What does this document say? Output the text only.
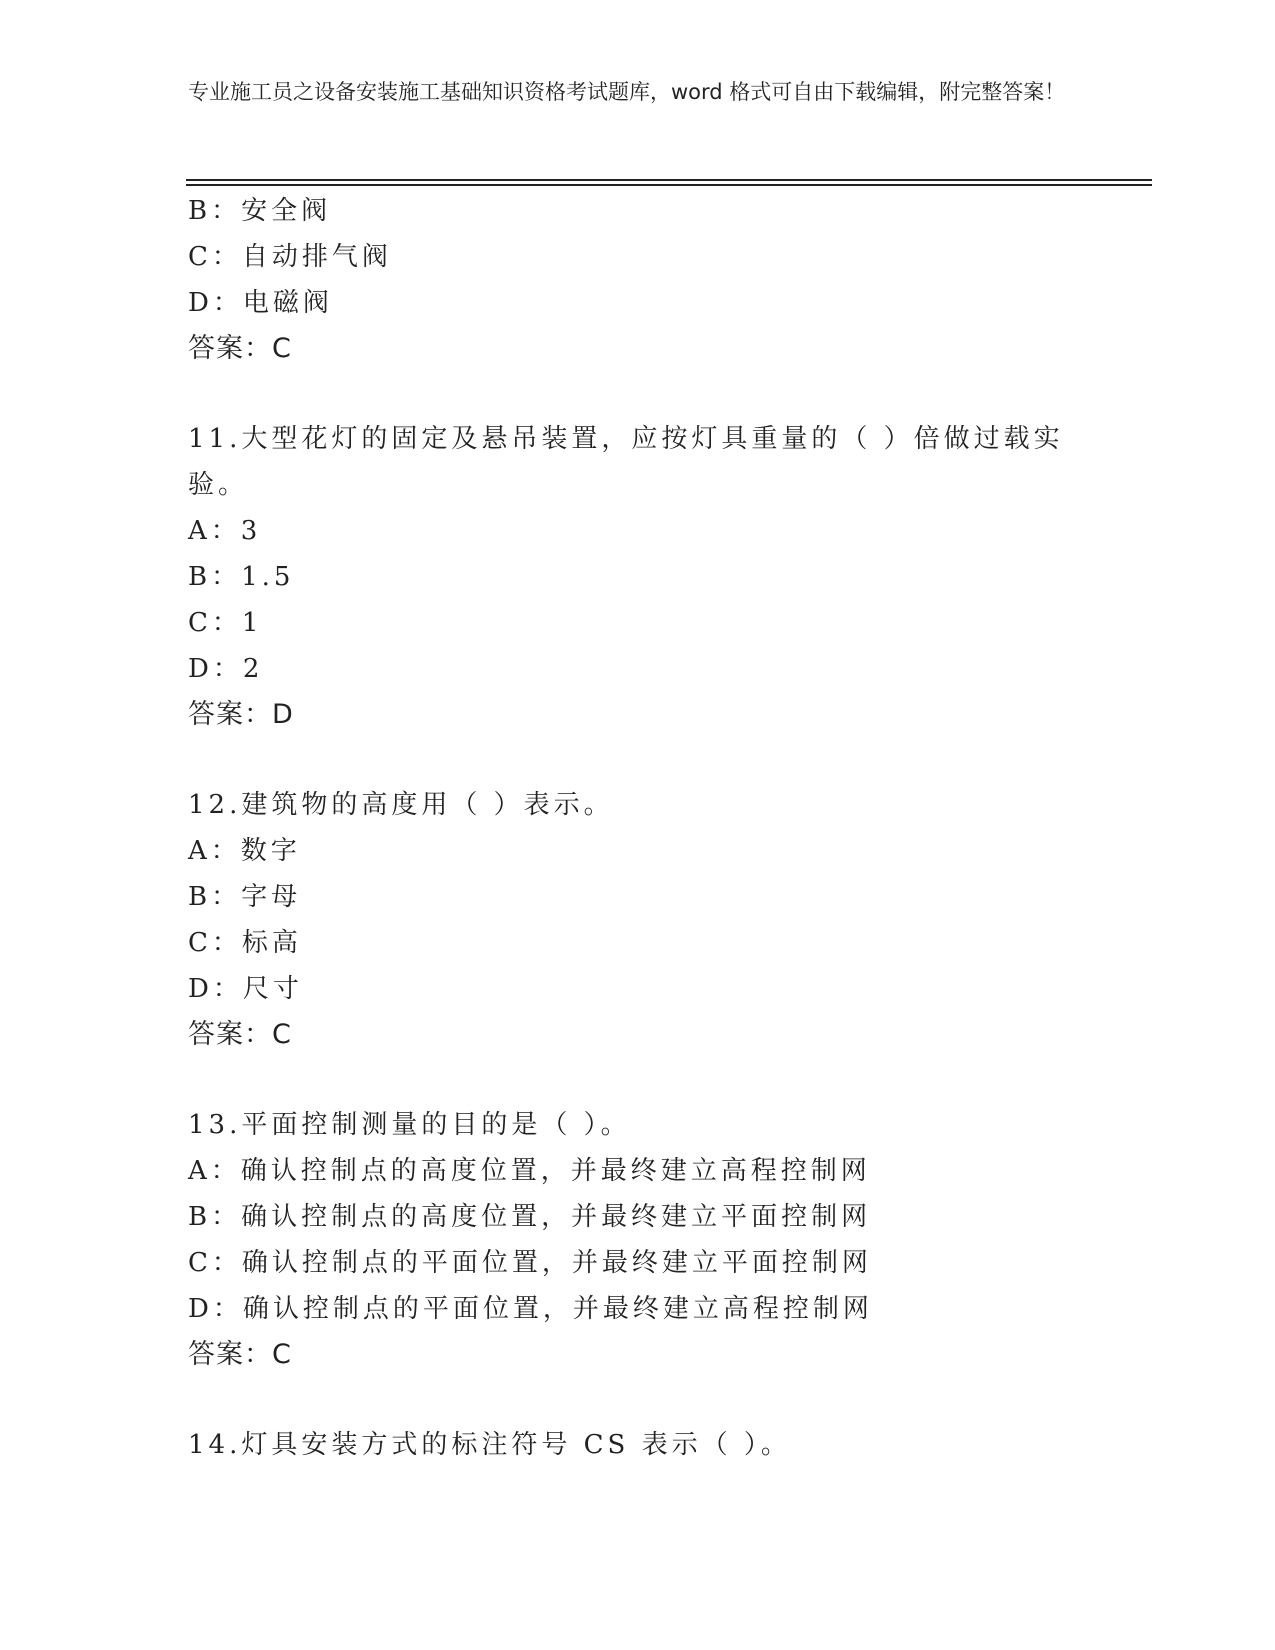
专业施工员之设备安装施工基础知识资格考试题库，word 格式可自由下载编辑，附完整答案！
B：安全阀
C：自动排气阀
D：电磁阀
答案：C
11.大型花灯的固定及悬吊装置，应按灯具重量的（ ）倍做过载实验。
A：3
B：1.5
C：1
D：2
答案：D
12.建筑物的高度用（ ）表示。
A：数字
B：字母
C：标高
D：尺寸
答案：C
13.平面控制测量的目的是（ ）。
A：确认控制点的高度位置，并最终建立高程控制网
B：确认控制点的高度位置，并最终建立平面控制网
C：确认控制点的平面位置，并最终建立平面控制网
D：确认控制点的平面位置，并最终建立高程控制网
答案：C
14.灯具安装方式的标注符号 CS 表示（ ）。
